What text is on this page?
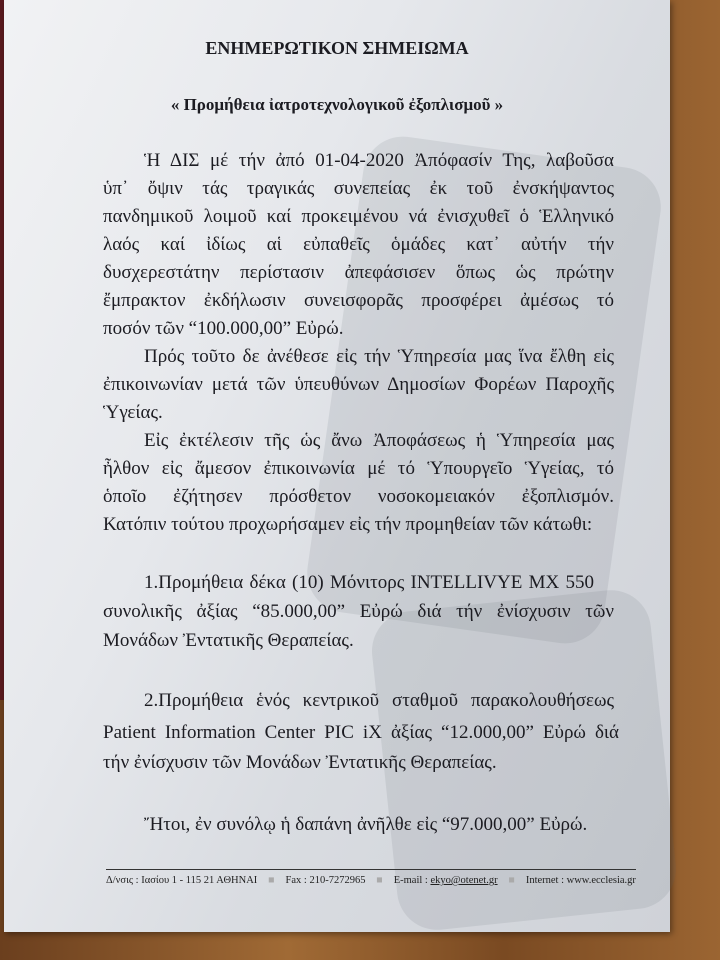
ΕΝΗΜΕΡΩΤΙΚΟΝ ΣΗΜΕΙΩΜΑ
« Προμήθεια ἰατροτεχνολογικοῦ ἐξοπλισμοῦ »
Ἡ ΔΙΣ μέ τήν ἀπό 01-04-2020 Ἀπόφασίν Της, λαβοῦσα
ὑπ᾽ ὄψιν τάς τραγικάς συνεπείας ἐκ τοῦ ἐνσκήψαντος
πανδημικοῦ λοιμοῦ καί προκειμένου νά ἐνισχυθεῖ ὁ Ἑλληνικό
λαός καί ἰδίως αἱ εὐπαθεῖς ὁμάδες κατ᾽ αὐτήν τήν
δυσχερεστάτην περίστασιν ἀπεφάσισεν ὅπως ὡς πρώτην
ἔμπρακτον ἐκδήλωσιν συνεισφορᾶς προσφέρει ἀμέσως τό
ποσόν τῶν “100.000,00” Εὐρώ.
Πρός τοῦτο δε ἀνέθεσε εἰς τήν Ὑπηρεσία μας ἵνα ἔλθη εἰς
ἐπικοινωνίαν μετά τῶν ὑπευθύνων Δημοσίων Φορέων Παροχῆς
Ὑγείας.
Εἰς ἐκτέλεσιν τῆς ὡς ἄνω Ἀποφάσεως ἡ Ὑπηρεσία μας
ἦλθον εἰς ἄμεσον ἐπικοινωνία μέ τό Ὑπουργεῖο Ὑγείας, τό
ὁποῖο ἐζήτησεν πρόσθετον νοσοκομειακόν ἐξοπλισμόν.
Κατόπιν τούτου προχωρήσαμεν εἰς τήν προμηθείαν τῶν κάτωθι:
1.Προμήθεια δέκα (10) Μόνιτορς INTELLIVYE MX 550
συνολικῆς ἀξίας “85.000,00” Εὐρώ διά τήν ἐνίσχυσιν τῶν
Μονάδων Ἐντατικῆς Θεραπείας.
2.Προμήθεια ἑνός κεντρικοῦ σταθμοῦ παρακολουθήσεως
Patient Information Center PIC iX ἀξίας “12.000,00” Εὐρώ διά
τήν ἐνίσχυσιν τῶν Μονάδων Ἐντατικῆς Θεραπείας.
Ἤτοι, ἐν συνόλῳ ἡ δαπάνη ἀνῆλθε εἰς “97.000,00” Εὐρώ.
Δ/νσις : Ιασίου 1 - 115 21 ΑΘΗΝΑΙ ■ Fax : 210-7272965 ■ E-mail : ekyo@otenet.gr ■ Internet : www.ecclesia.gr
